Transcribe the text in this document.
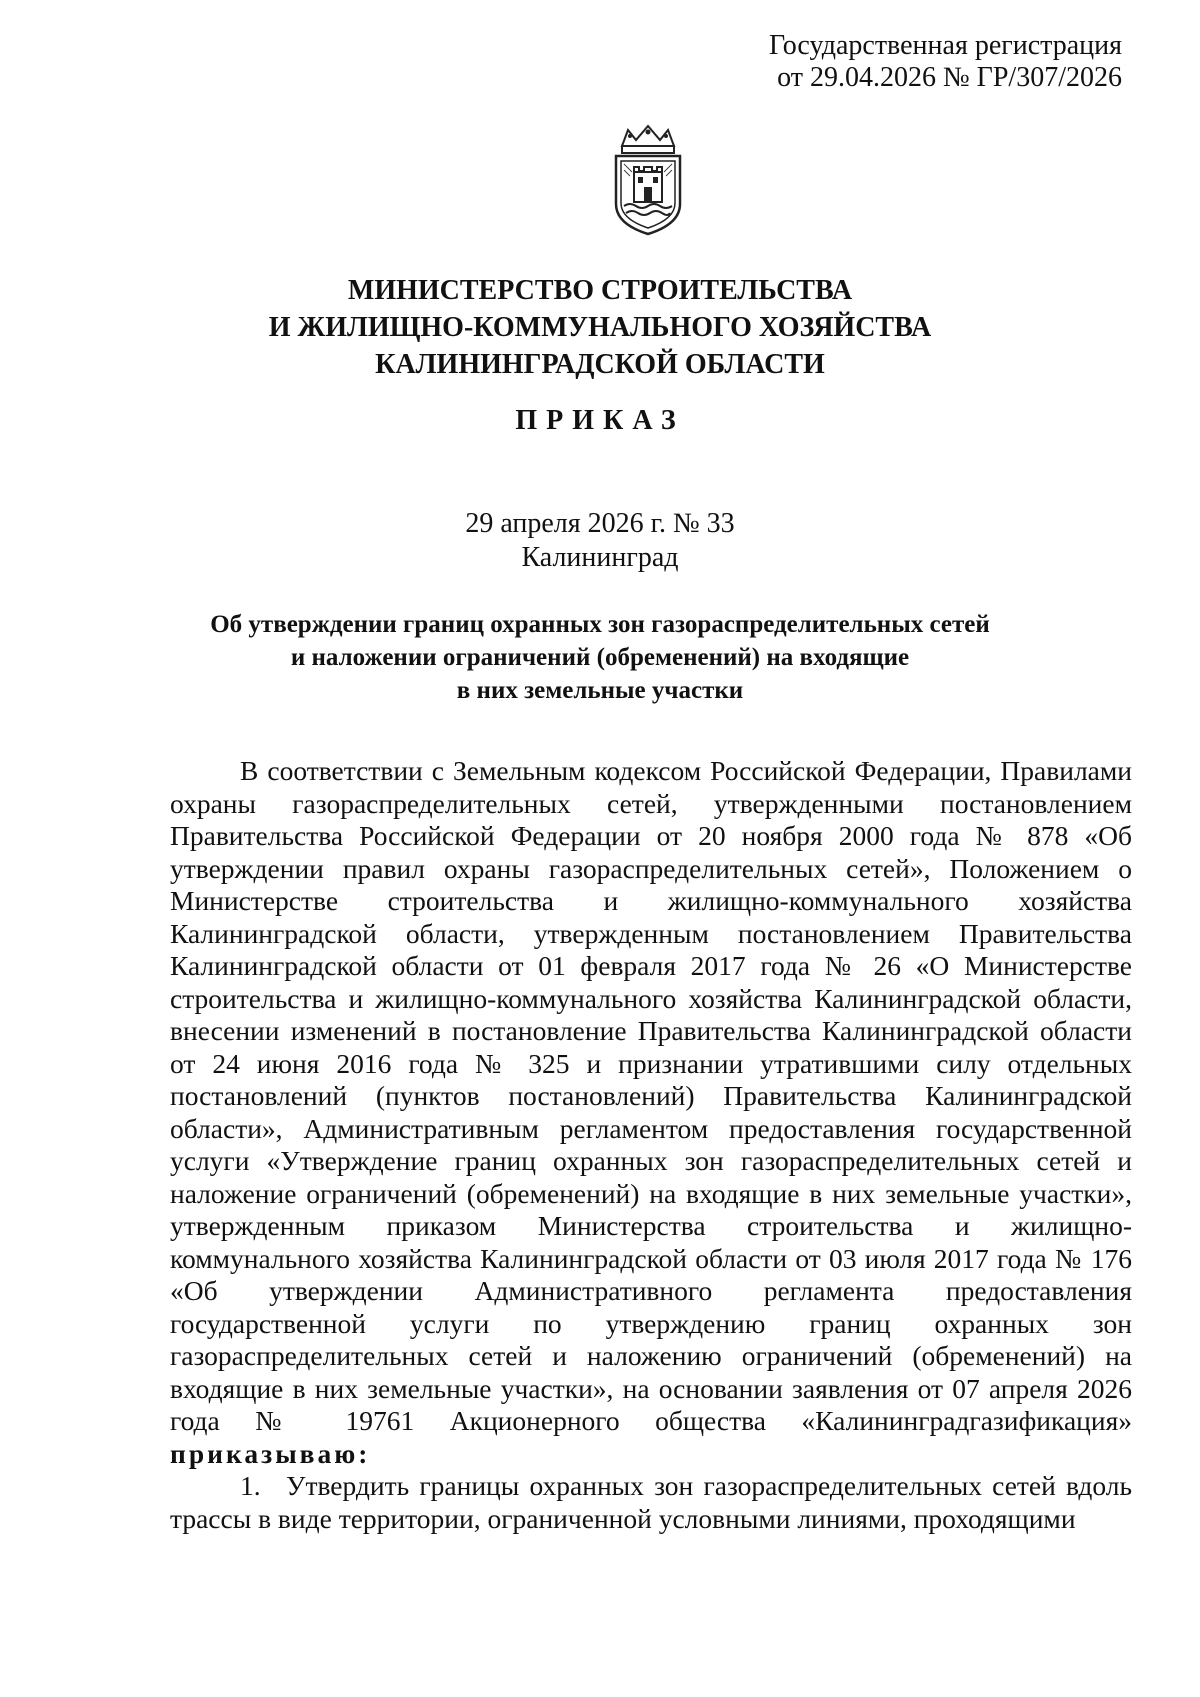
Государственная регистрация
от 29.04.2026 № ГР/307/2026
МИНИСТЕРСТВО СТРОИТЕЛЬСТВА
И ЖИЛИЩНО-КОММУНАЛЬНОГО ХОЗЯЙСТВА
КАЛИНИНГРАДСКОЙ ОБЛАСТИ
ПРИКАЗ
29 апреля 2026 г. № 33
Калининград
Об утверждении границ охранных зон газораспределительных сетей
и наложении ограничений (обременений) на входящие
в них земельные участки

В соответствии с Земельным кодексом Российской Федерации, Правилами охраны газораспределительных сетей, утвержденными постановлением Правительства Российской Федерации от 20 ноября 2000 года № 878 «Об утверждении правил охраны газораспределительных сетей», Положением о Министерстве строительства и жилищно-коммунального хозяйства Калининградской области, утвержденным постановлением Правительства Калининградской области от 01 февраля 2017 года № 26 «О Министерстве строительства и жилищно-коммунального хозяйства Калининградской области, внесении изменений в постановление Правительства Калининградской области от 24 июня 2016 года № 325 и признании утратившими силу отдельных постановлений (пунктов постановлений) Правительства Калининградской области», Административным регламентом предоставления государственной услуги «Утверждение границ охранных зон газораспределительных сетей и наложение ограничений (обременений) на входящие в них земельные участки», утвержденным приказом Министерства строительства и жилищно-коммунального хозяйства Калининградской области от 03 июля 2017 года № 176 «Об утверждении Административного регламента предоставления государственной услуги по утверждению границ охранных зон газораспределительных сетей и наложению ограничений (обременений) на входящие в них земельные участки», на основании заявления от 07 апреля 2026 года № 19761 Акционерного общества «Калининградгазификация» приказываю:

1. Утвердить границы охранных зон газораспределительных сетей вдоль трассы в виде территории, ограниченной условными линиями, проходящими
